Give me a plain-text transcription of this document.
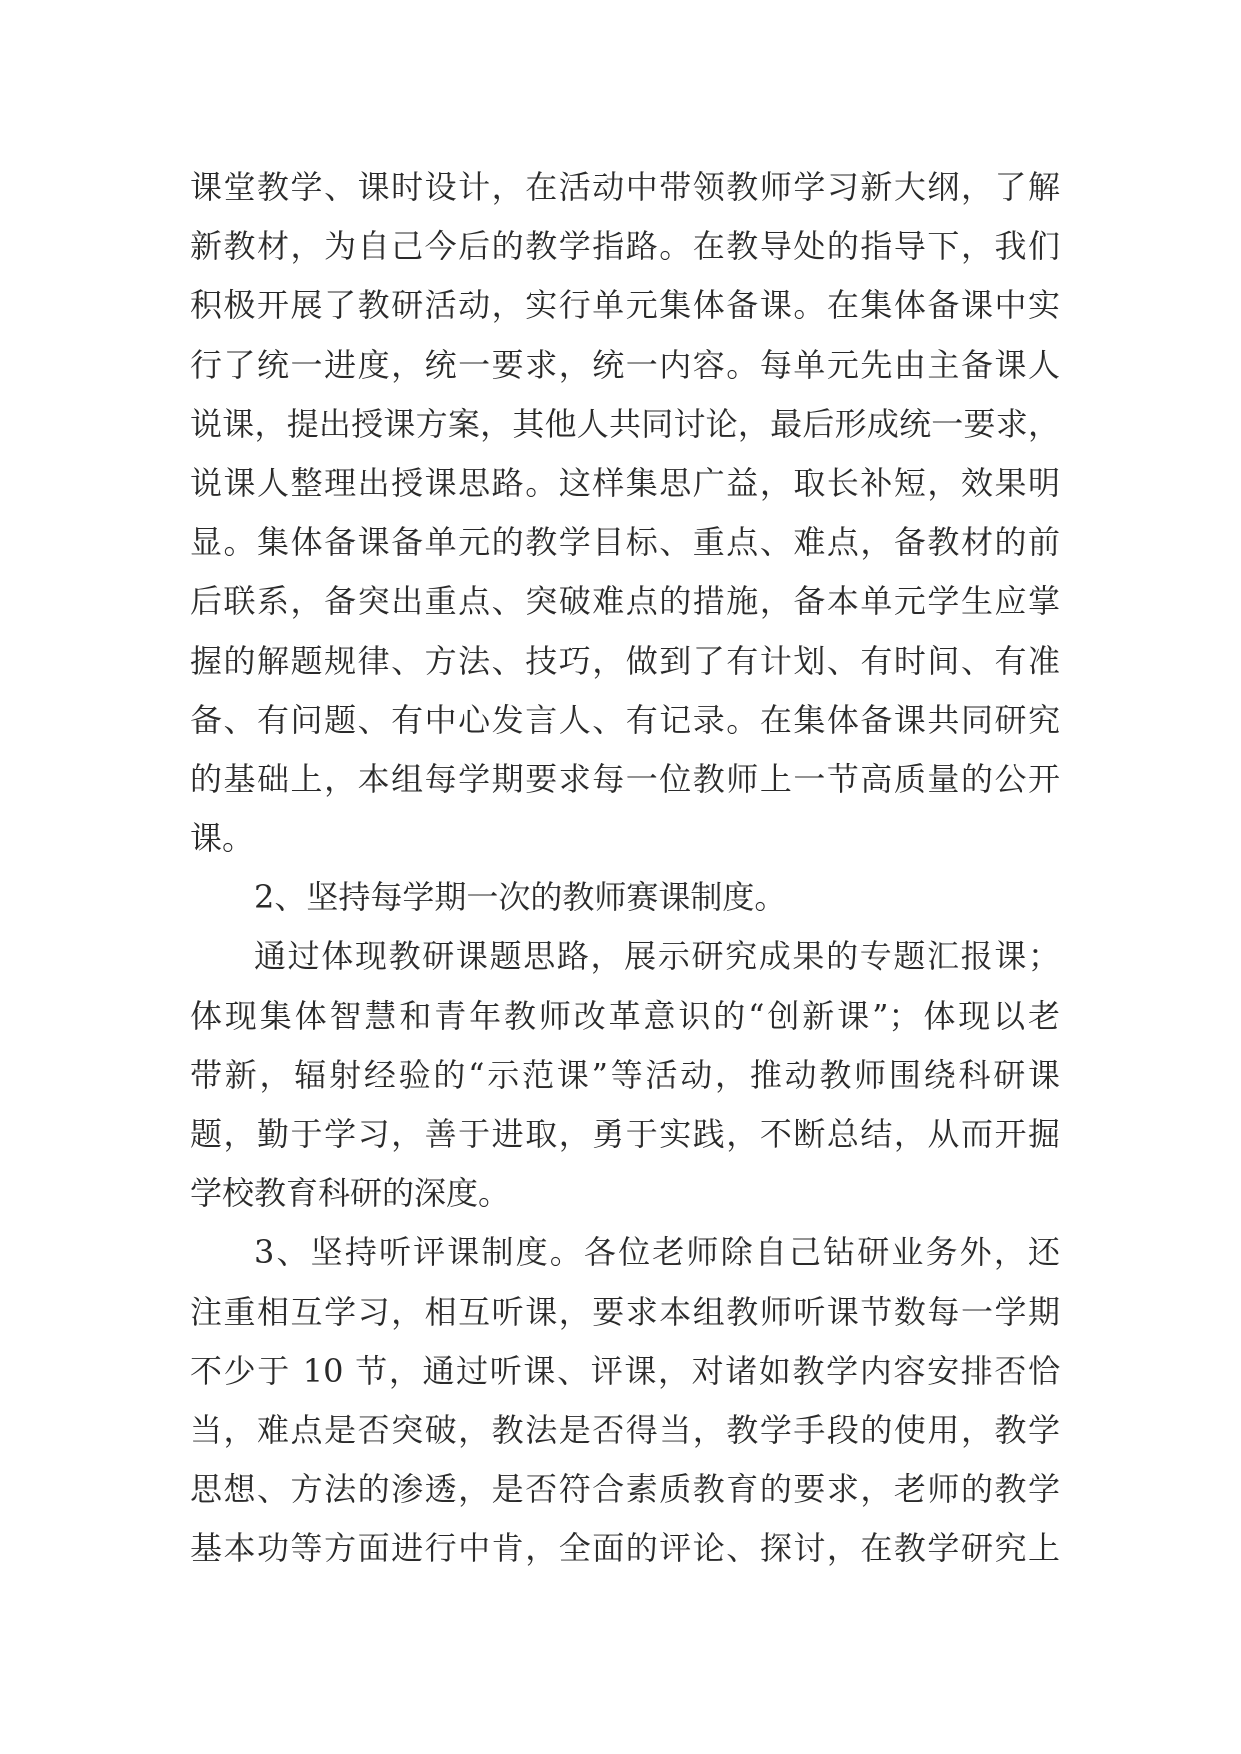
课堂教学、课时设计，在活动中带领教师学习新大纲，了解
新教材，为自己今后的教学指路。在教导处的指导下，我们
积极开展了教研活动，实行单元集体备课。在集体备课中实
行了统一进度，统一要求，统一内容。每单元先由主备课人
说课，提出授课方案，其他人共同讨论，最后形成统一要求，
说课人整理出授课思路。这样集思广益，取长补短，效果明
显。集体备课备单元的教学目标、重点、难点，备教材的前
后联系，备突出重点、突破难点的措施，备本单元学生应掌
握的解题规律、方法、技巧，做到了有计划、有时间、有准
备、有问题、有中心发言人、有记录。在集体备课共同研究
的基础上，本组每学期要求每一位教师上一节高质量的公开
课。
2、坚持每学期一次的教师赛课制度。
通过体现教研课题思路，展示研究成果的专题汇报课；
体现集体智慧和青年教师改革意识的“创新课”；体现以老
带新，辐射经验的“示范课”等活动，推动教师围绕科研课
题，勤于学习，善于进取，勇于实践，不断总结，从而开掘
学校教育科研的深度。
3、坚持听评课制度。各位老师除自己钻研业务外，还
注重相互学习，相互听课，要求本组教师听课节数每一学期
不少于 10 节，通过听课、评课，对诸如教学内容安排否恰
当，难点是否突破，教法是否得当，教学手段的使用，教学
思想、方法的渗透，是否符合素质教育的要求，老师的教学
基本功等方面进行中肯，全面的评论、探讨，在教学研究上
